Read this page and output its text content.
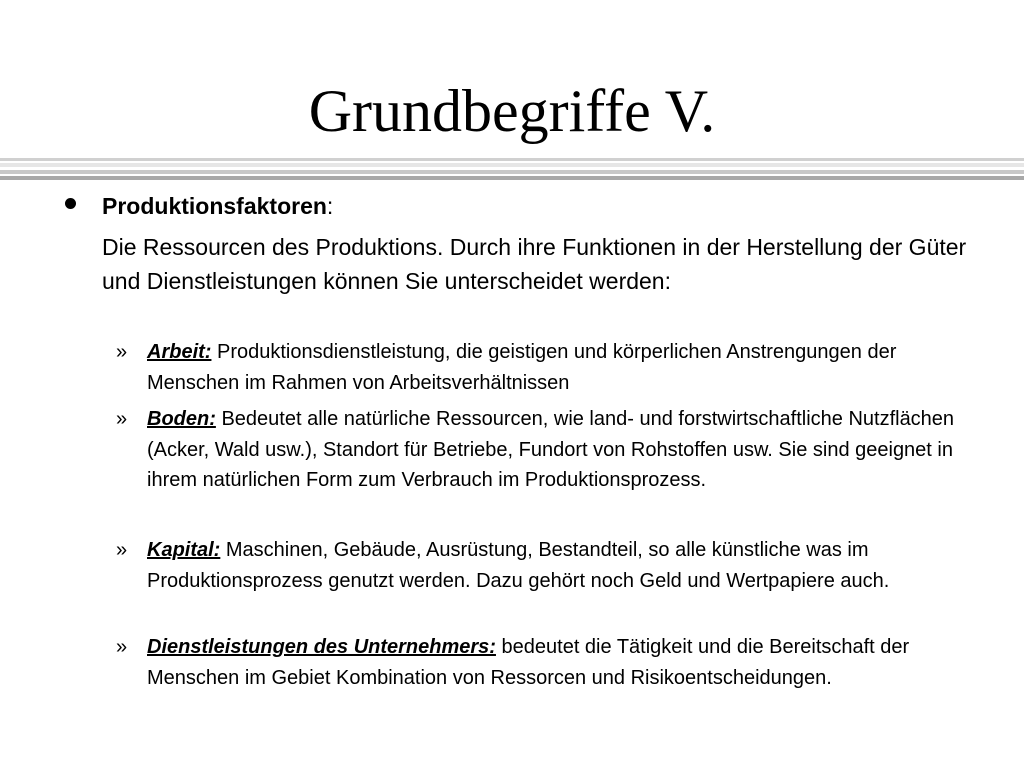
Grundbegriffe V.
Produktionsfaktoren:
Die Ressourcen des Produktions. Durch ihre Funktionen in der Herstellung der Güter und Dienstleistungen können Sie unterscheidet werden:
» Arbeit: Produktionsdienstleistung, die geistigen und körperlichen Anstrengungen der Menschen im Rahmen von Arbeitsverhältnissen
» Boden: Bedeutet alle natürliche Ressourcen, wie land- und forstwirtschaftliche Nutzflächen (Acker, Wald usw.), Standort für Betriebe, Fundort von Rohstoffen usw. Sie sind geeignet in ihrem natürlichen Form zum Verbrauch im Produktionsprozess.
» Kapital: Maschinen, Gebäude, Ausrüstung, Bestandteil, so alle künstliche was im Produktionsprozess genutzt werden. Dazu gehört noch Geld und Wertpapiere auch.
» Dienstleistungen des Unternehmers: bedeutet die Tätigkeit und die Bereitschaft der Menschen im Gebiet Kombination von Ressorcen und Risikoentscheidungen.
